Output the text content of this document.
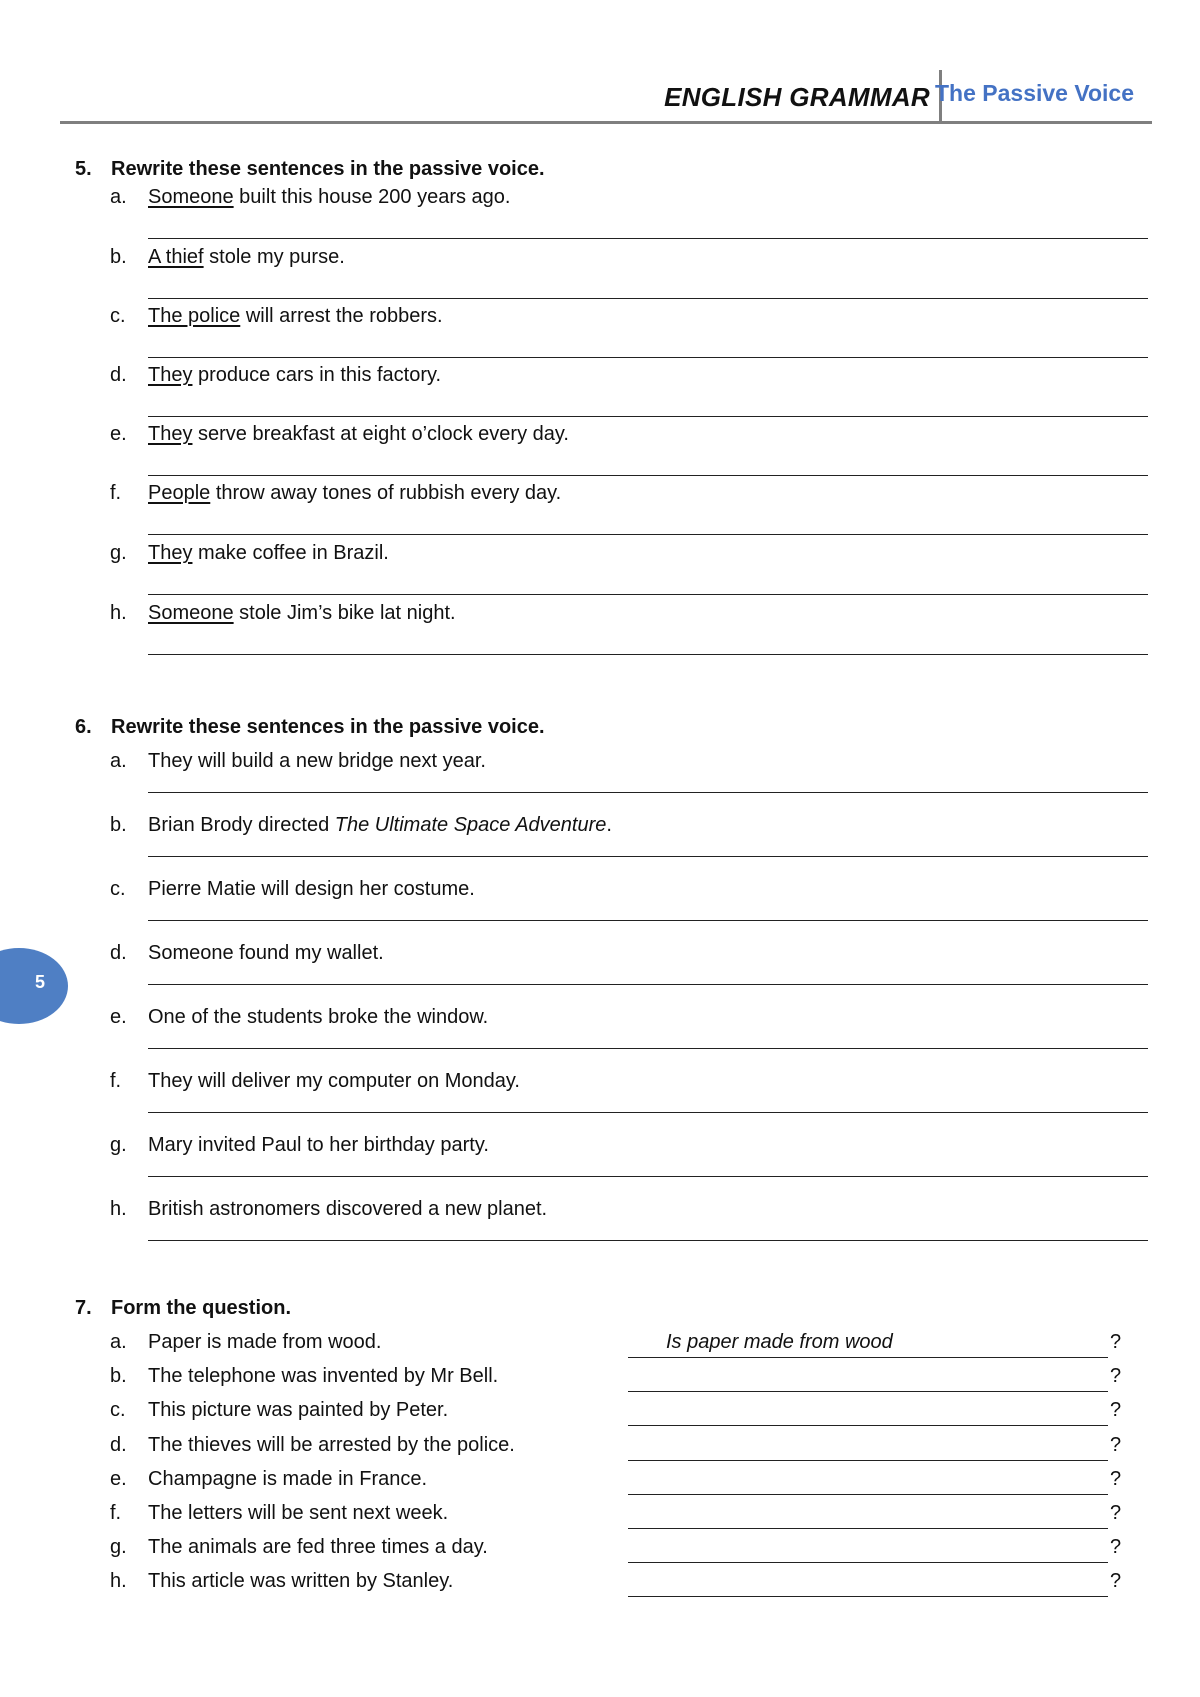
ENGLISH GRAMMAR The Passive Voice
5. Rewrite these sentences in the passive voice.
a.	Someone built this house 200 years ago.
b.	A thief stole my purse.
c.	The police will arrest the robbers.
d.	They produce cars in this factory.
e.	They serve breakfast at eight o’clock every day.
f.	People throw away tones of rubbish every day.
g.	They make coffee in Brazil.
h.	Someone stole Jim’s bike lat night.
6. Rewrite these sentences in the passive voice.
a.	They will build a new bridge next year.
b.	Brian Brody directed The Ultimate Space Adventure.
c.	Pierre Matie will design her costume.
d.	Someone found my wallet.
e.	One of the students broke the window.
f.	They will deliver my computer on Monday.
g.	Mary invited Paul to her birthday party.
h.	British astronomers discovered a new planet.
7. Form the question.
a. Paper is made from wood.	Is paper made from wood	?
b. The telephone was invented by Mr Bell.	?
c. This picture was painted by Peter.	?
d. The thieves will be arrested by the police.	?
e. Champagne is made in France.	?
f. The letters will be sent next week.	?
g. The animals are fed three times a day.	?
h. This article was written by Stanley.	?
5
